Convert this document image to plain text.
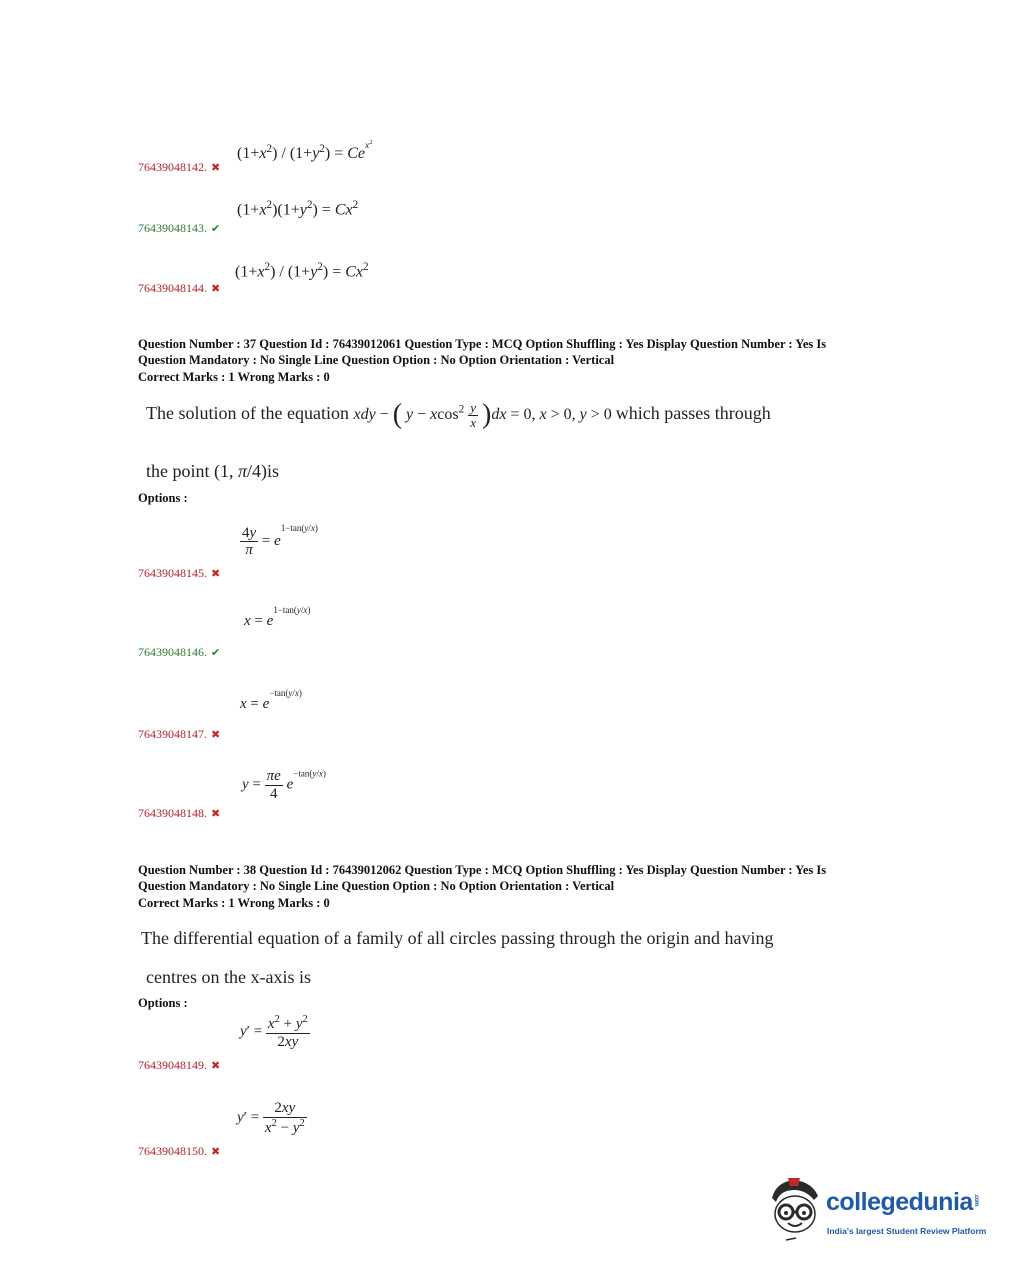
$(1+x^2) / (1+y^2) = Ce^{x^2}$
76439048142. ✖
$(1+x^2)(1+y^2) = Cx^2$
76439048143. ✔
$(1+x^2) / (1+y^2) = Cx^2$
76439048144. ✖
Question Number : 37 Question Id : 76439012061 Question Type : MCQ Option Shuffling : Yes Display Question Number : Yes Is
Question Mandatory : No Single Line Question Option : No Option Orientation : Vertical
Correct Marks : 1 Wrong Marks : 0
The solution of the equation xdy − ( $y - xcos^2 \frac{y}{x} )dx = 0$, x > 0, y > 0 which passes through
the point (1, π/4)is
Options :
$\frac{4y}{\pi} = e^{1-tan(y/x)}$
76439048145. ✖
$x = e^{1-tan(y/x)}$
76439048146. ✔
$x = e^{-tan(y/x)}$
76439048147. ✖
$y = \frac{\pi e}{4} e^{-tan(y/x)}$
76439048148. ✖
Question Number : 38 Question Id : 76439012062 Question Type : MCQ Option Shuffling : Yes Display Question Number : Yes Is
Question Mandatory : No Single Line Question Option : No Option Orientation : Vertical
Correct Marks : 1 Wrong Marks : 0
The differential equation of a family of all circles passing through the origin and having
centres on the x-axis is
Options :
$y' = \frac{x^2 + y^2}{2xy}$
76439048149. ✖
$y' = \frac{2xy}{x^2 - y^2}$
76439048150. ✖
collegedunia.com
India's largest Student Review Platform
